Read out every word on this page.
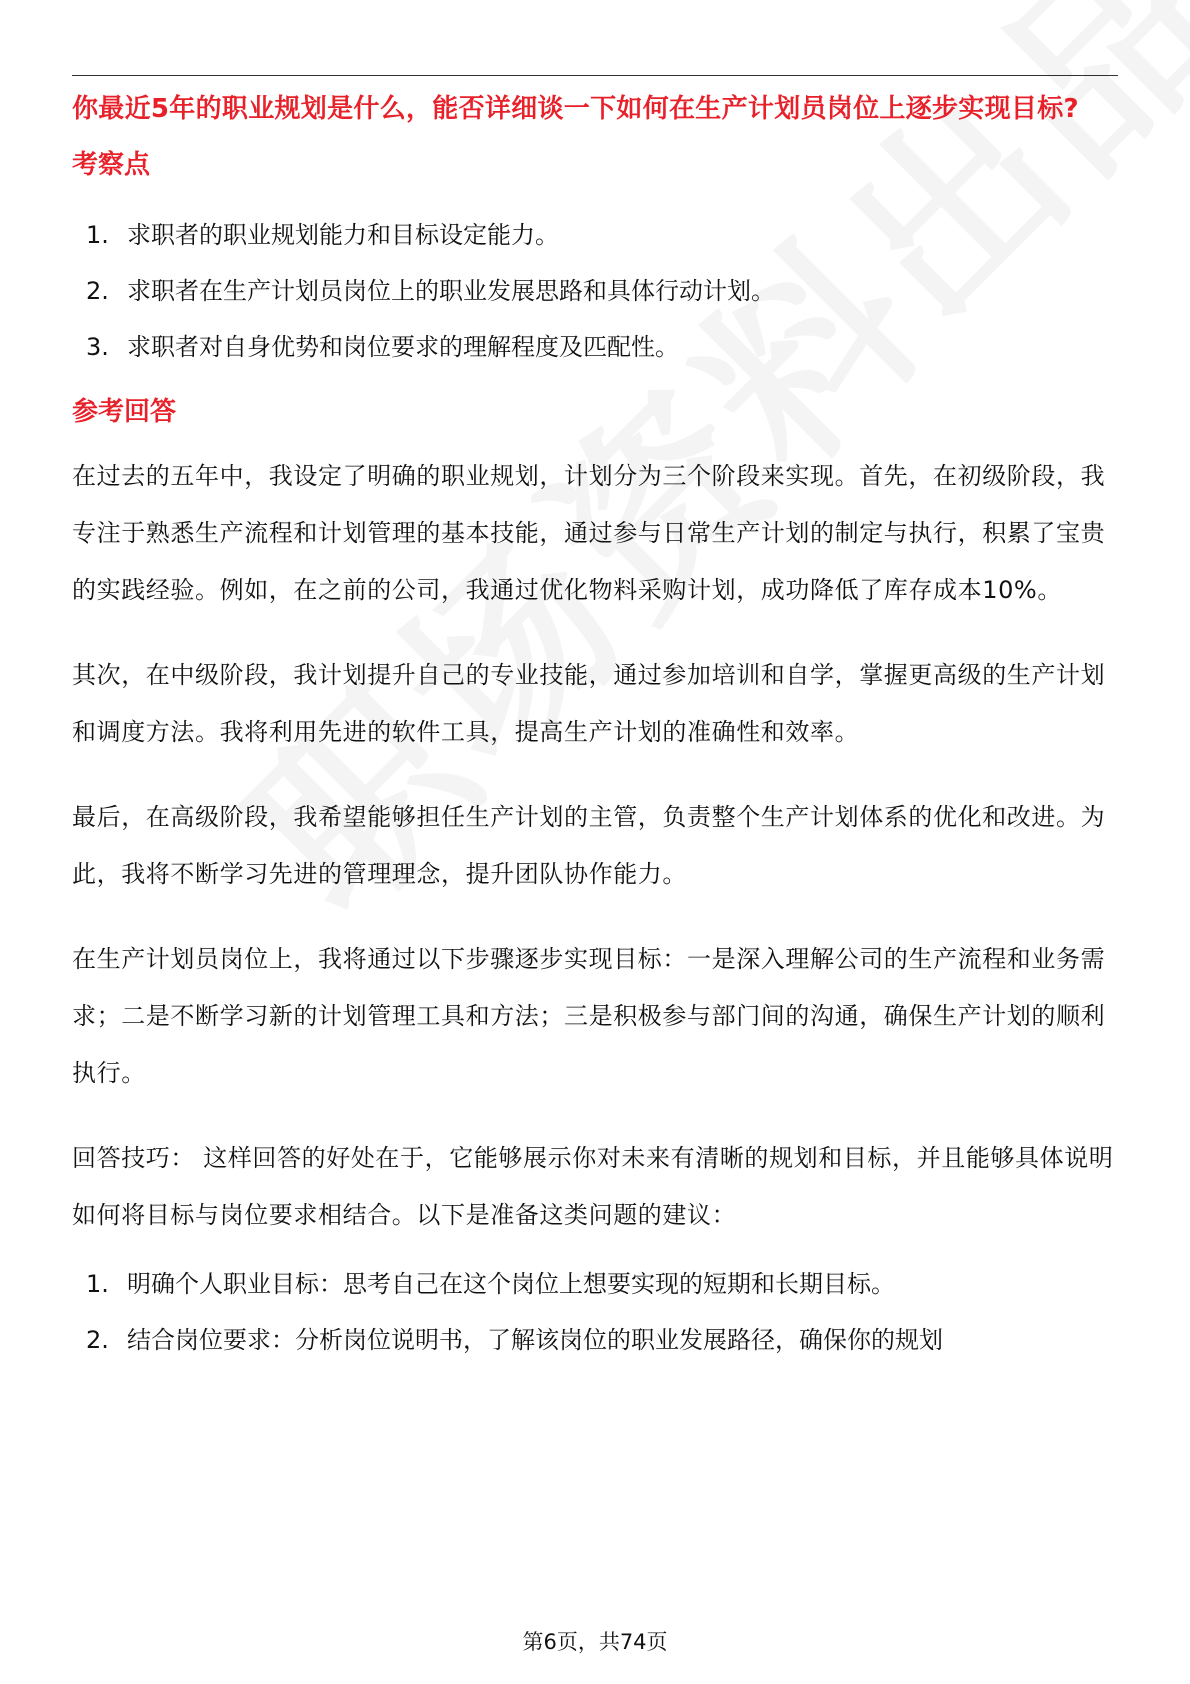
你最近5年的职业规划是什么，能否详细谈一下如何在生产计划员岗位上逐步实现目标?
考察点
1. 求职者的职业规划能力和目标设定能力。
2. 求职者在生产计划员岗位上的职业发展思路和具体行动计划。
3. 求职者对自身优势和岗位要求的理解程度及匹配性。
参考回答

在过去的五年中，我设定了明确的职业规划，计划分为三个阶段来实现。首先，在初级阶段，我专注于熟悉生产流程和计划管理的基本技能，通过参与日常生产计划的制定与执行，积累了宝贵的实践经验。例如，在之前的公司，我通过优化物料采购计划，成功降低了库存成本10%。

其次，在中级阶段，我计划提升自己的专业技能，通过参加培训和自学，掌握更高级的生产计划和调度方法。我将利用先进的软件工具，提高生产计划的准确性和效率。

最后，在高级阶段，我希望能够担任生产计划的主管，负责整个生产计划体系的优化和改进。为此，我将不断学习先进的管理理念，提升团队协作能力。

在生产计划员岗位上，我将通过以下步骤逐步实现目标：一是深入理解公司的生产流程和业务需求；二是不断学习新的计划管理工具和方法；三是积极参与部门间的沟通，确保生产计划的顺利执行。

回答技巧： 这样回答的好处在于，它能够展示你对未来有清晰的规划和目标，并且能够具体说明如何将目标与岗位要求相结合。以下是准备这类问题的建议：

1. 明确个人职业目标：思考自己在这个岗位上想要实现的短期和长期目标。
2. 结合岗位要求：分析岗位说明书，了解该岗位的职业发展路径，确保你的规划
第6页，共74页
